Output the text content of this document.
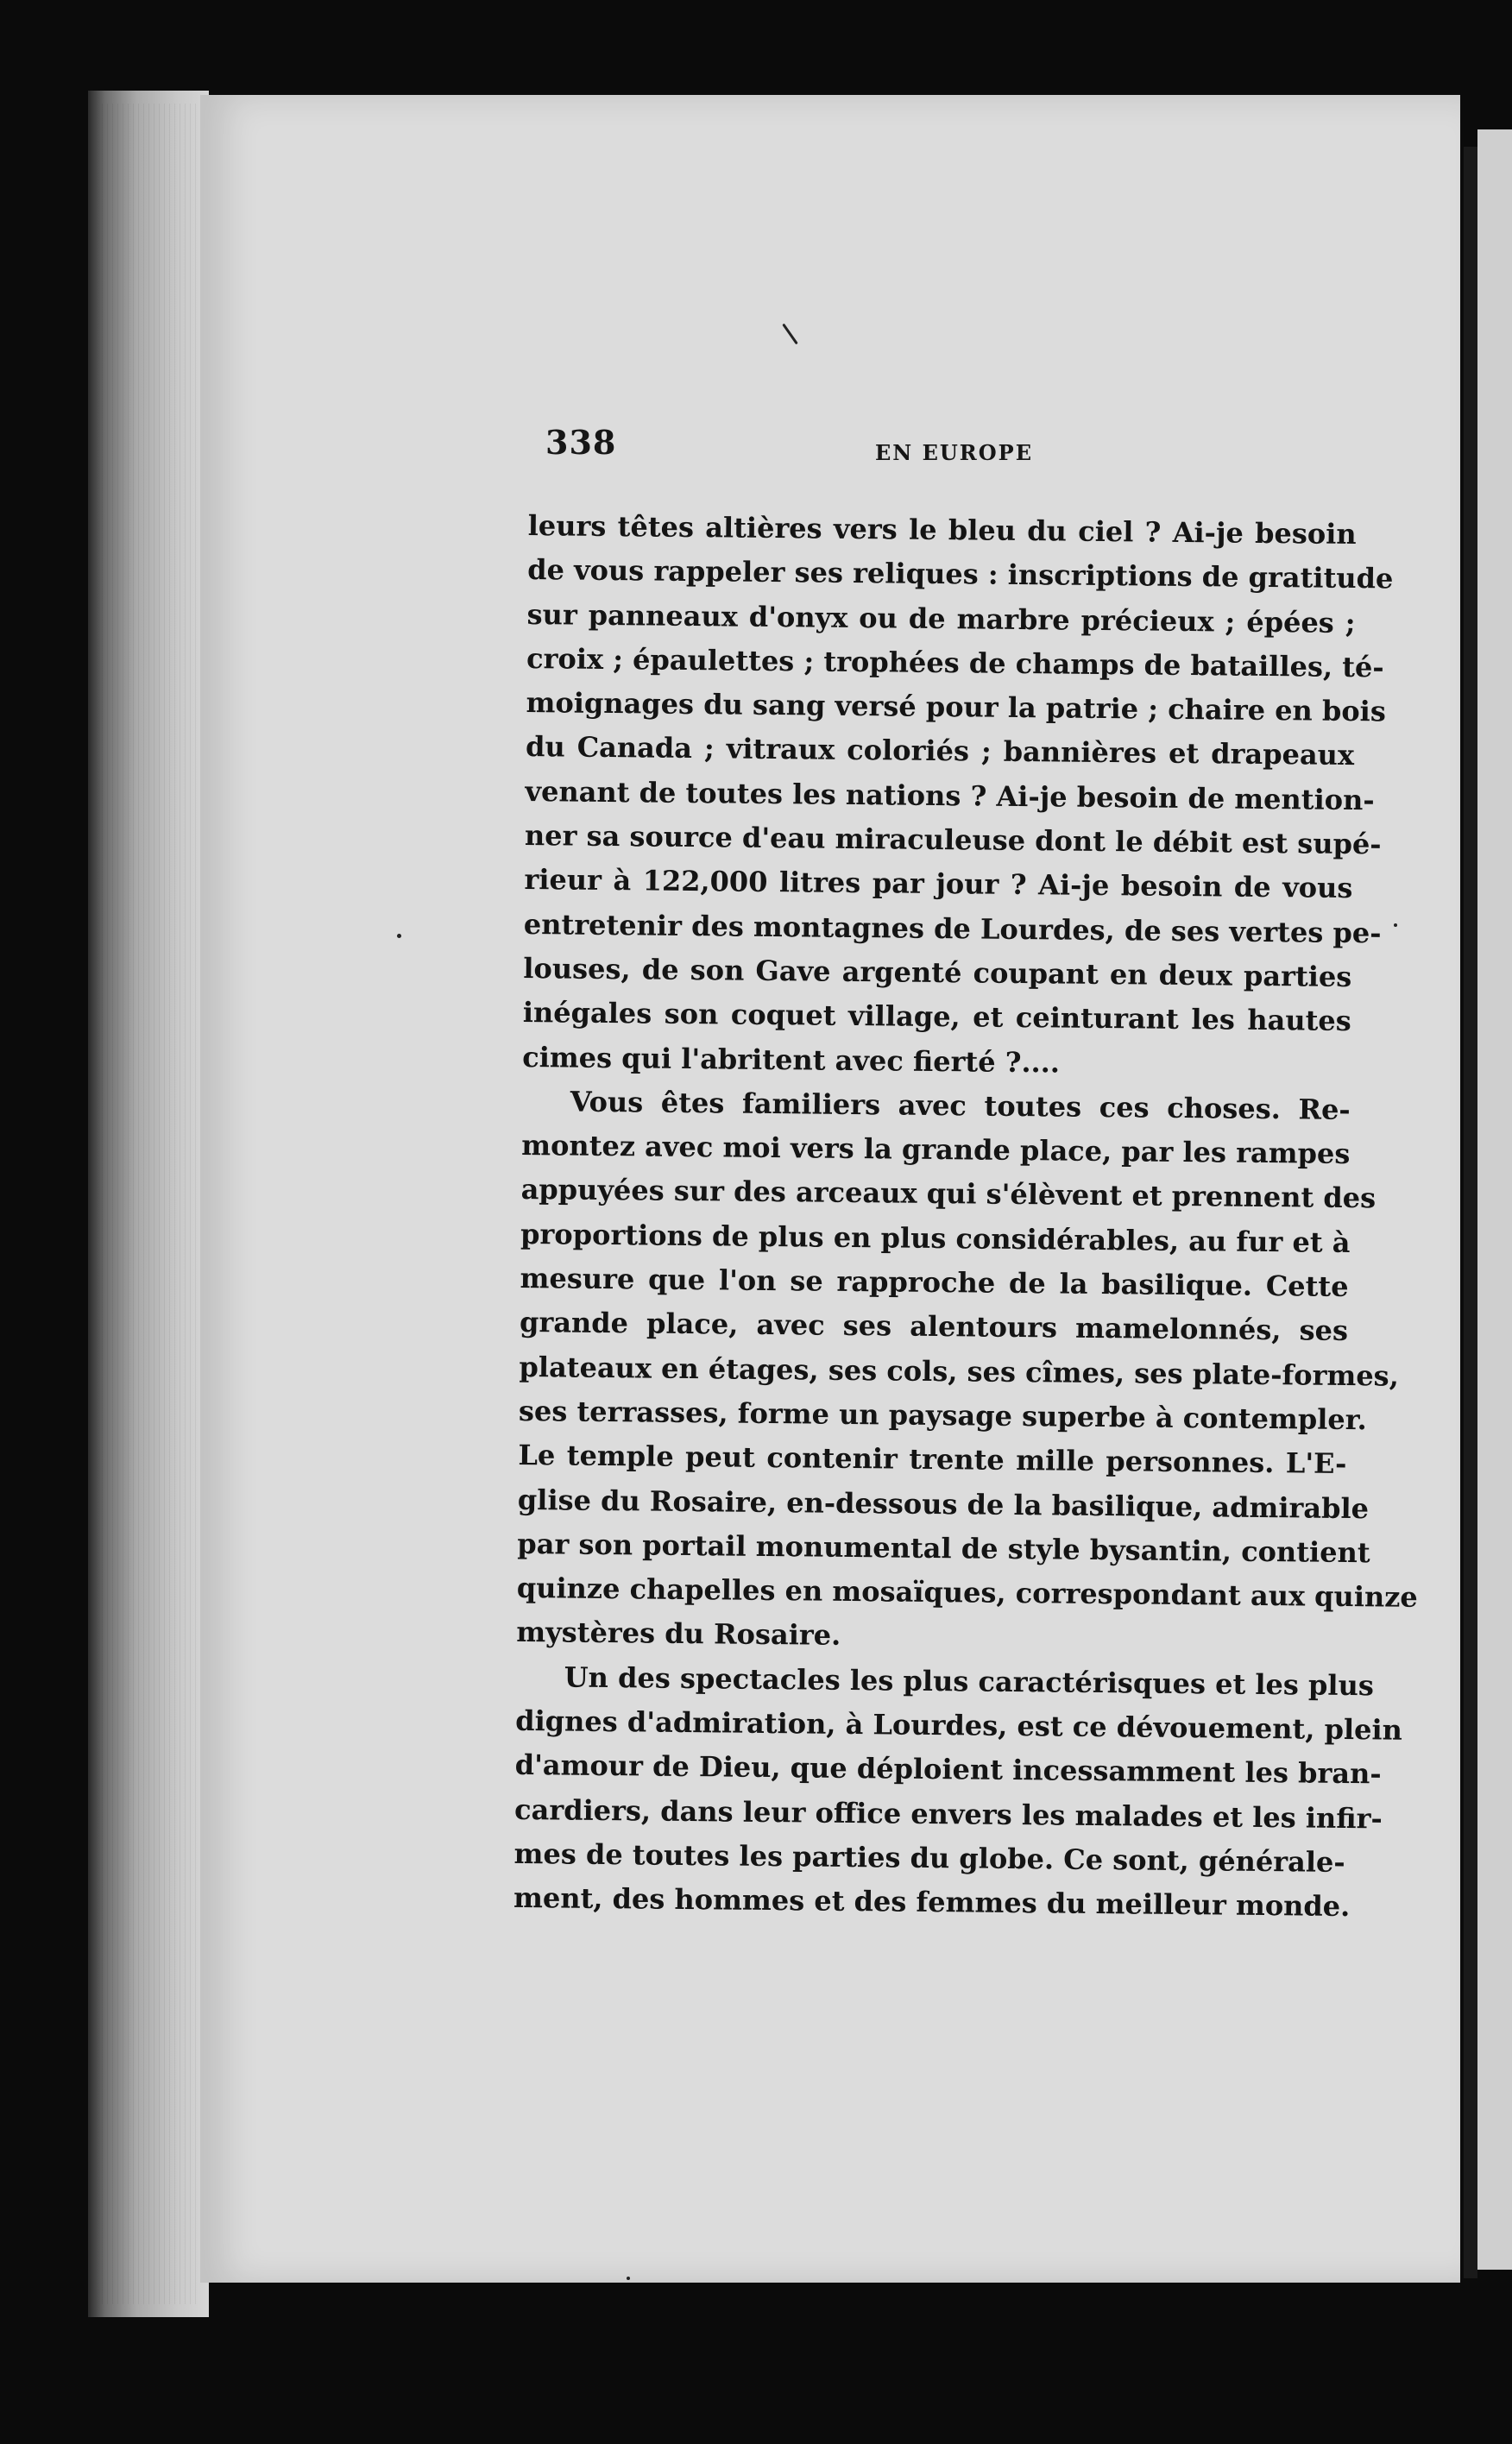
338	EN EUROPE
leurs têtes altières vers le bleu du ciel ? Ai-je besoin
de vous rappeler ses reliques : inscriptions de gratitude
sur panneaux d'onyx ou de marbre précieux ; épées ;
croix ; épaulettes ; trophées de champs de batailles, té-
moignages du sang versé pour la patrie ; chaire en bois
du Canada ; vitraux coloriés ; bannières et drapeaux
venant de toutes les nations ? Ai-je besoin de mention-
ner sa source d'eau miraculeuse dont le débit est supé-
rieur à 122,000 litres par jour ? Ai-je besoin de vous
entretenir des montagnes de Lourdes, de ses vertes pe-
louses, de son Gave argenté coupant en deux parties
inégales son coquet village, et ceinturant les hautes
cimes qui l'abritent avec fierté ?....
Vous êtes familiers avec toutes ces choses. Re-
montez avec moi vers la grande place, par les rampes
appuyées sur des arceaux qui s'élèvent et prennent des
proportions de plus en plus considérables, au fur et à
mesure que l'on se rapproche de la basilique. Cette
grande place, avec ses alentours mamelonnés, ses
plateaux en étages, ses cols, ses cîmes, ses plate-formes,
ses terrasses, forme un paysage superbe à contempler.
Le temple peut contenir trente mille personnes. L'E-
glise du Rosaire, en-dessous de la basilique, admirable
par son portail monumental de style bysantin, contient
quinze chapelles en mosaïques, correspondant aux quinze
mystères du Rosaire.
Un des spectacles les plus caractérisques et les plus
dignes d'admiration, à Lourdes, est ce dévouement, plein
d'amour de Dieu, que déploient incessamment les bran-
cardiers, dans leur office envers les malades et les infir-
mes de toutes les parties du globe. Ce sont, générale-
ment, des hommes et des femmes du meilleur monde.
